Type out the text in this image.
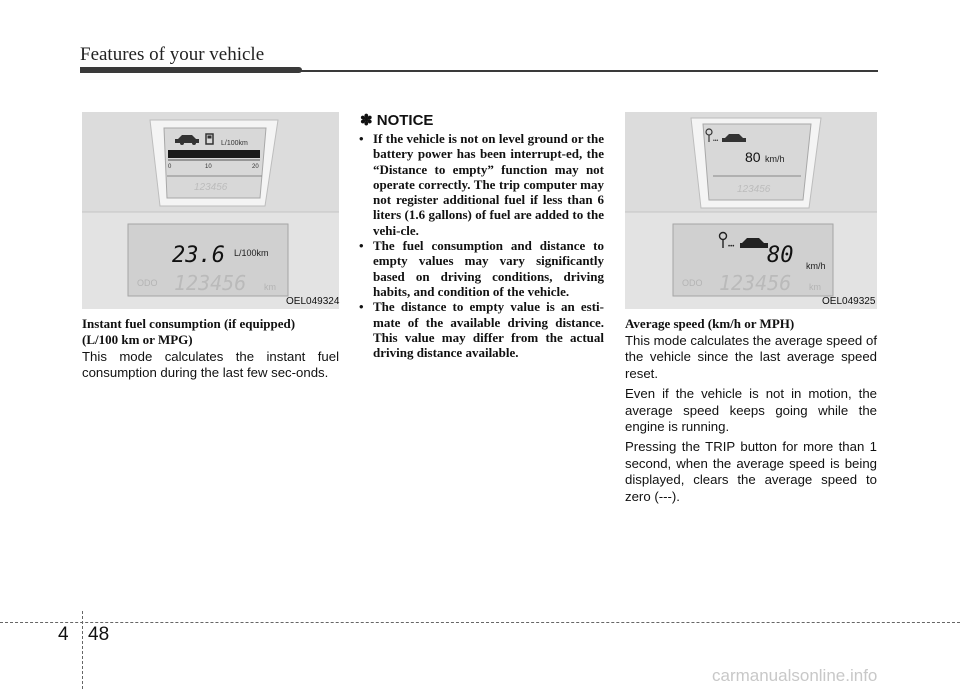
Features of your vehicle
L/100km
0	10	20
123456
23.6 L/100km
ODO 123456 km
OEL049324
Instant fuel consumption (if equipped)
(L/100 km or MPG)

This mode calculates the instant fuel consumption during the last few sec-onds.

✽ NOTICE
• If the vehicle is not on level ground or the battery power has been interrupt-ed, the “Distance to empty” function may not operate correctly. The trip computer may not register additional fuel if less than 6 liters (1.6 gallons) of fuel are added to the vehi-cle.
• The fuel consumption and distance to empty values may vary significantly based on driving conditions, driving habits, and condition of the vehicle.
• The distance to empty value is an esti-mate of the available driving distance. This value may differ from the actual driving distance available.
•••
80 km/h
123456
••• 80 km/h
ODO 123456 km
OEL049325
Average speed (km/h or MPH)

This mode calculates the average speed of the vehicle since the last average speed reset.

Even if the vehicle is not in motion, the average speed keeps going while the engine is running.

Pressing the TRIP button for more than 1 second, when the average speed is being displayed, clears the average speed to zero (---).

4 48
carmanualsonline.info
